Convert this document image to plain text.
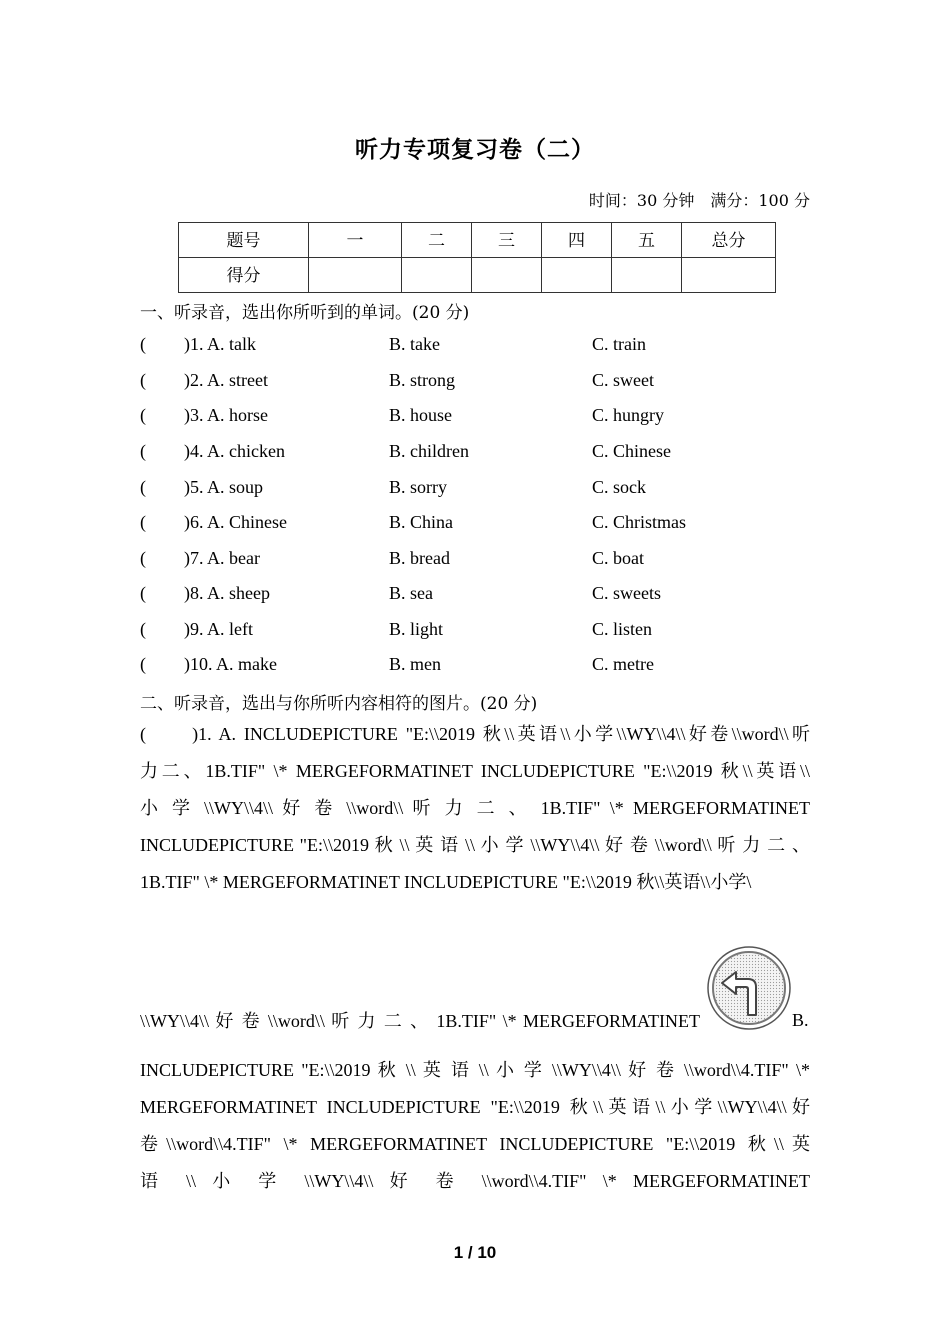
听力专项复习卷（二）
时间：30 分钟　满分：100 分
题号	一	二	三	四	五	总分
得分						
一、听录音，选出你所听到的单词。(20 分)
( )1. A. talk	B. take	C. train
( )2. A. street	B. strong	C. sweet
( )3. A. horse	B. house	C. hungry
( )4. A. chicken	B. children	C. Chinese
( )5. A. soup	B. sorry	C. sock
( )6. A. Chinese	B. China	C. Christmas
( )7. A. bear	B. bread	C. boat
( )8. A. sheep	B. sea	C. sweets
( )9. A. left	B. light	C. listen
( )10. A. make	B. men	C. metre
二、听录音，选出与你所听内容相符的图片。(20 分)
(　　)1. A. INCLUDEPICTURE "E:\\2019 秋\\英语\\小学\\WY\\4\\好卷\\word\\听
力二、1B.TIF" \* MERGEFORMATINET INCLUDEPICTURE "E:\\2019 秋\\英语\\
小 学 \\WY\\4\\ 好 卷 \\word\\ 听 力 二 、 1B.TIF" \* MERGEFORMATINET
INCLUDEPICTURE "E:\\2019 秋 \\ 英 语 \\ 小 学 \\WY\\4\\ 好 卷 \\word\\ 听 力 二 、
1B.TIF" \* MERGEFORMATINET INCLUDEPICTURE "E:\\2019 秋\\英语\\小学\
\\WY\\4\\ 好 卷 \\word\\ 听 力 二 、 1B.TIF" \* MERGEFORMATINET	B.
INCLUDEPICTURE "E:\\2019 秋 \\ 英 语 \\ 小 学 \\WY\\4\\ 好 卷 \\word\\4.TIF" \*
MERGEFORMATINET INCLUDEPICTURE "E:\\2019 秋\\英语\\小学\\WY\\4\\好
卷\\word\\4.TIF" \* MERGEFORMATINET INCLUDEPICTURE "E:\\2019 秋\\英
语 \\ 小 学 \\WY\\4\\ 好 卷 \\word\\4.TIF" \* MERGEFORMATINET
1 / 10
